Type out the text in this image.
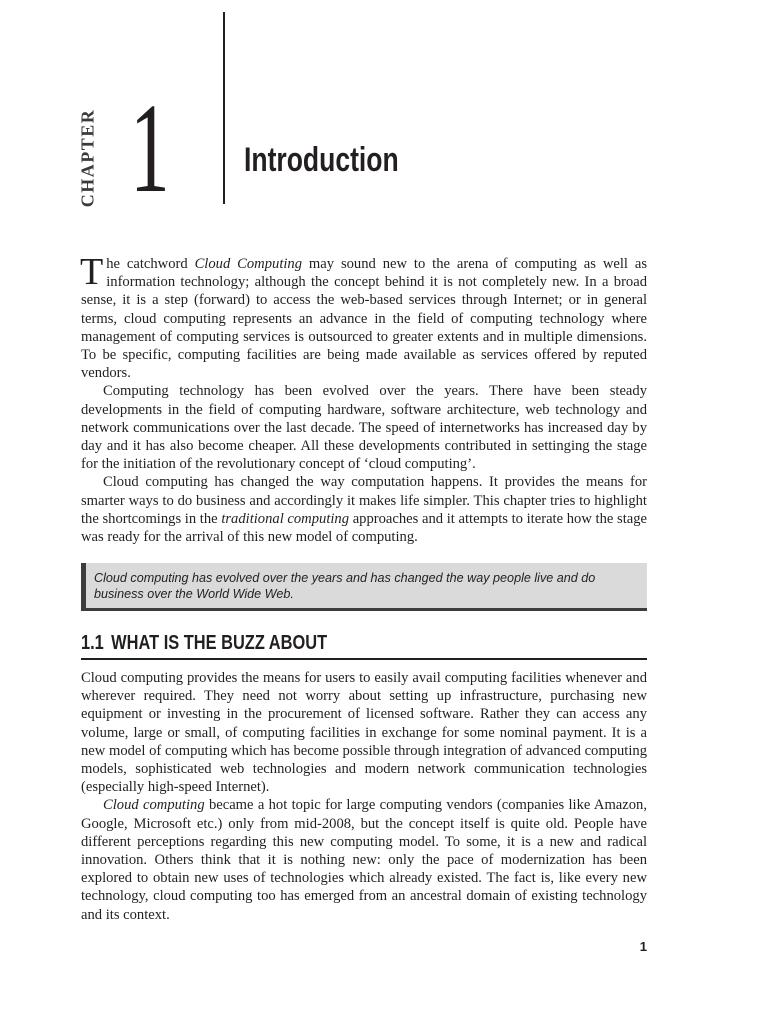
CHAPTER 1 Introduction

The catchword Cloud Computing may sound new to the arena of computing as well as information technology; although the concept behind it is not completely new. In a broad sense, it is a step (forward) to access the web-based services through Internet; or in general terms, cloud computing represents an advance in the field of computing technology where management of computing services is outsourced to greater extents and in multiple dimensions. To be specific, computing facilities are being made available as services offered by reputed vendors.

Computing technology has been evolved over the years. There have been steady developments in the field of computing hardware, software architecture, web technology and network communications over the last decade. The speed of internetworks has increased day by day and it has also become cheaper. All these developments contributed in settinging the stage for the initiation of the revolutionary concept of ‘cloud computing’.

Cloud computing has changed the way computation happens. It provides the means for smarter ways to do business and accordingly it makes life simpler. This chapter tries to highlight the shortcomings in the traditional computing approaches and it attempts to iterate how the stage was ready for the arrival of this new model of computing.

Cloud computing has evolved over the years and has changed the way people live and do business over the World Wide Web.
1.1 WHAT IS THE BUZZ ABOUT

Cloud computing provides the means for users to easily avail computing facilities whenever and wherever required. They need not worry about setting up infrastructure, purchasing new equipment or investing in the procurement of licensed software. Rather they can access any volume, large or small, of computing facilities in exchange for some nominal payment. It is a new model of computing which has become possible through integration of advanced computing models, sophisticated web technologies and modern network communication technologies (especially high-speed Internet).

Cloud computing became a hot topic for large computing vendors (companies like Amazon, Google, Microsoft etc.) only from mid-2008, but the concept itself is quite old. People have different perceptions regarding this new computing model. To some, it is a new and radical innovation. Others think that it is nothing new: only the pace of modernization has been explored to obtain new uses of technologies which already existed. The fact is, like every new technology, cloud computing too has emerged from an ancestral domain of existing technology and its context.

1
